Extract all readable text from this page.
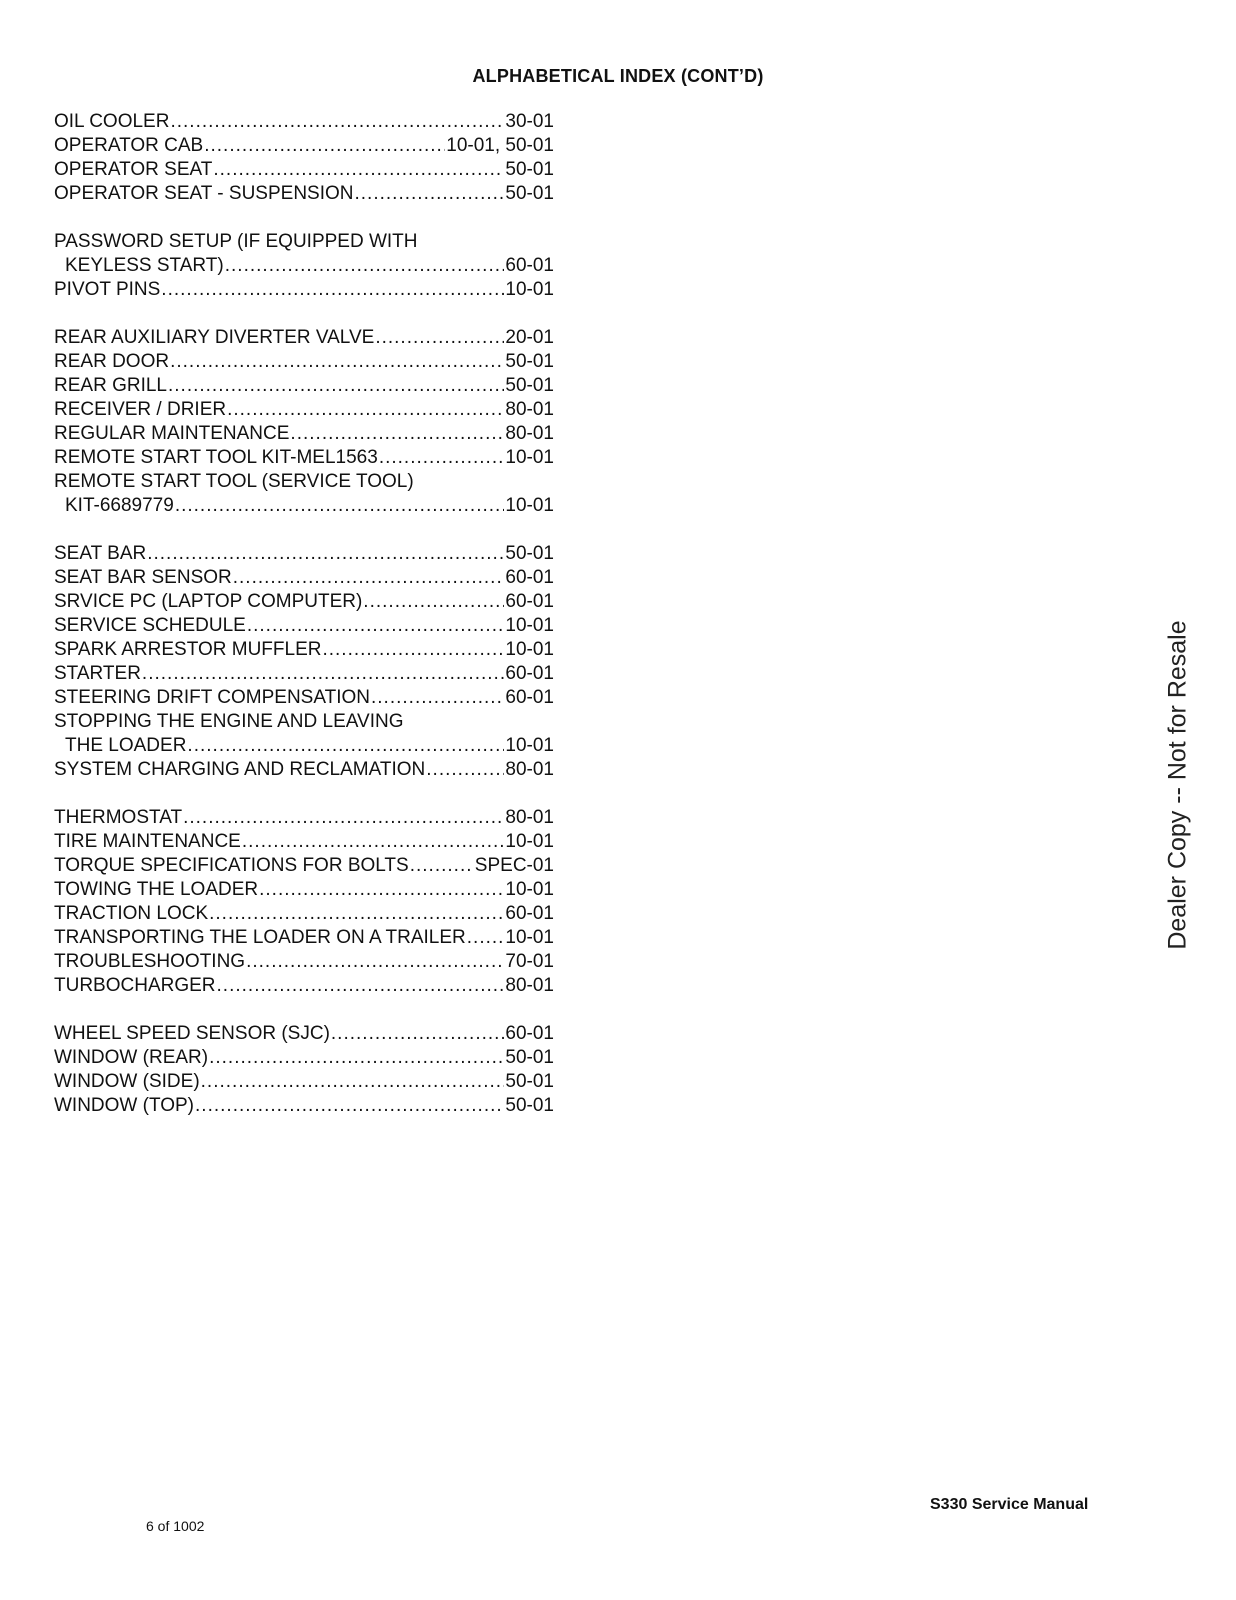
ALPHABETICAL INDEX (CONT’D)
OIL COOLER .....	30-01
OPERATOR CAB .....	10-01, 50-01
OPERATOR SEAT .....	50-01
OPERATOR SEAT - SUSPENSION .....	50-01
PASSWORD SETUP (IF EQUIPPED WITH
KEYLESS START) .....	60-01
PIVOT PINS .....	10-01
REAR AUXILIARY DIVERTER VALVE .....	20-01
REAR DOOR .....	50-01
REAR GRILL .....	50-01
RECEIVER / DRIER .....	80-01
REGULAR MAINTENANCE .....	80-01
REMOTE START TOOL KIT-MEL1563 .....	10-01
REMOTE START TOOL (SERVICE TOOL)
KIT-6689779 .....	10-01
SEAT BAR .....	50-01
SEAT BAR SENSOR .....	60-01
SRVICE PC (LAPTOP COMPUTER) .....	60-01
SERVICE SCHEDULE .....	10-01
SPARK ARRESTOR MUFFLER .....	10-01
STARTER .....	60-01
STEERING DRIFT COMPENSATION .....	60-01
STOPPING THE ENGINE AND LEAVING
THE LOADER .....	10-01
SYSTEM CHARGING AND RECLAMATION .....	80-01
THERMOSTAT .....	80-01
TIRE MAINTENANCE .....	10-01
TORQUE SPECIFICATIONS FOR BOLTS .....	SPEC-01
TOWING THE LOADER .....	10-01
TRACTION LOCK .....	60-01
TRANSPORTING THE LOADER ON A TRAILER ..... 10-01
TROUBLESHOOTING .....	70-01
TURBOCHARGER .....	80-01
WHEEL SPEED SENSOR (SJC) .....	60-01
WINDOW (REAR) .....	50-01
WINDOW (SIDE) .....	50-01
WINDOW (TOP) .....	50-01
Dealer Copy -- Not for Resale
S330 Service Manual
6 of 1002
